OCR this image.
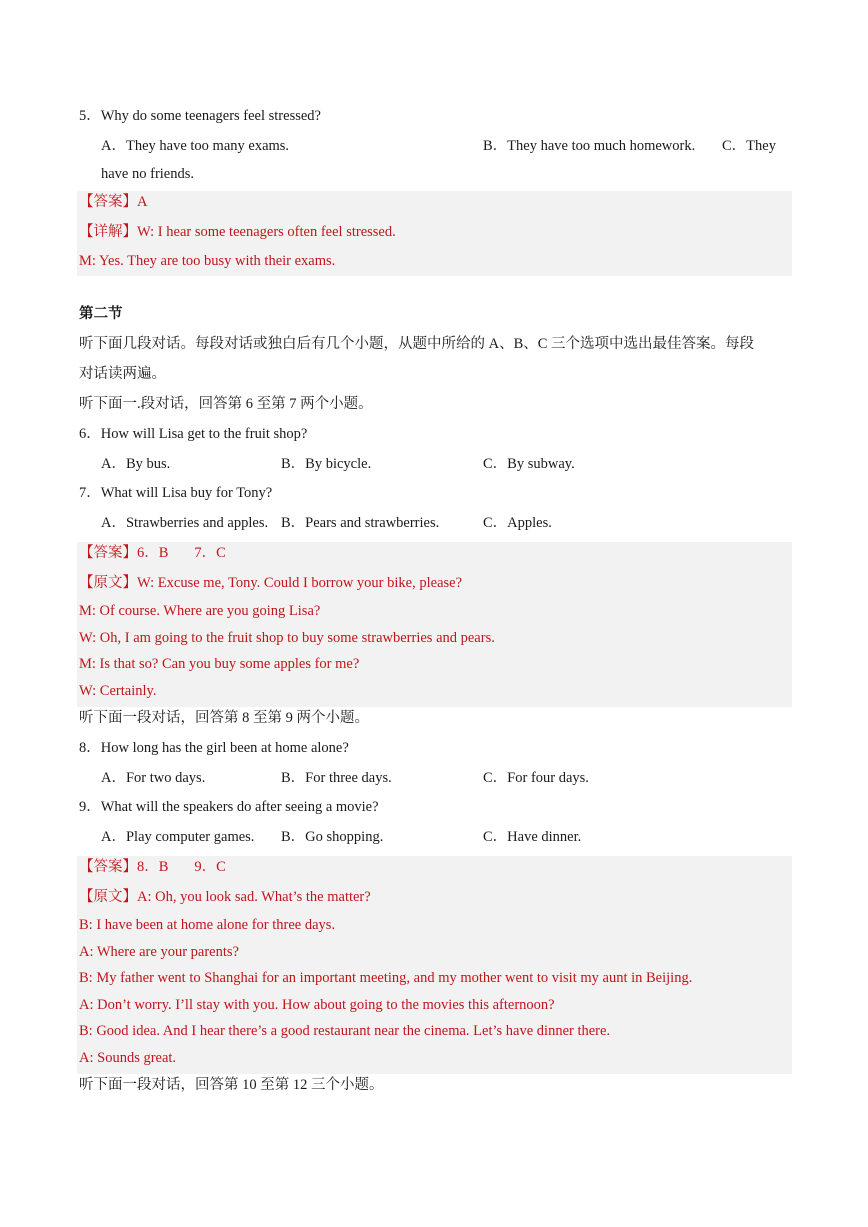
5．Why do some teenagers feel stressed?
A．They have too many exams.	B．They have too much homework. C．They
have no friends.
【答案】A
【详解】W: I hear some teenagers often feel stressed.
M: Yes. They are too busy with their exams.
第二节
听下面几段对话。每段对话或独白后有几个小题，从题中所给的 A、B、C 三个选项中选出最佳答案。每段
对话读两遍。
听下面一.段对话，回答第 6 至第 7 两个小题。
6．How will Lisa get to the fruit shop?
A．By bus.	B．By bicycle.	C．By subway.
7．What will Lisa buy for Tony?
A．Strawberries and apples. B．Pears and strawberries.	C．Apples.
【答案】6．B 7．C
【原文】W: Excuse me, Tony. Could I borrow your bike, please?
M: Of course. Where are you going Lisa?
W: Oh, I am going to the fruit shop to buy some strawberries and pears.
M: Is that so? Can you buy some apples for me?
W: Certainly.
听下面一段对话，回答第 8 至第 9 两个小题。
8．How long has the girl been at home alone?
A．For two days.	B．For three days.	C．For four days.
9．What will the speakers do after seeing a movie?
A．Play computer games. B．Go shopping.	C．Have dinner.
【答案】8．B 9．C
【原文】A: Oh, you look sad. What’s the matter?
B: I have been at home alone for three days.
A: Where are your parents?
B: My father went to Shanghai for an important meeting, and my mother went to visit my aunt in Beijing.
A: Don’t worry. I’ll stay with you. How about going to the movies this afternoon?
B: Good idea. And I hear there’s a good restaurant near the cinema. Let’s have dinner there.
A: Sounds great.
听下面一段对话，回答第 10 至第 12 三个小题。
